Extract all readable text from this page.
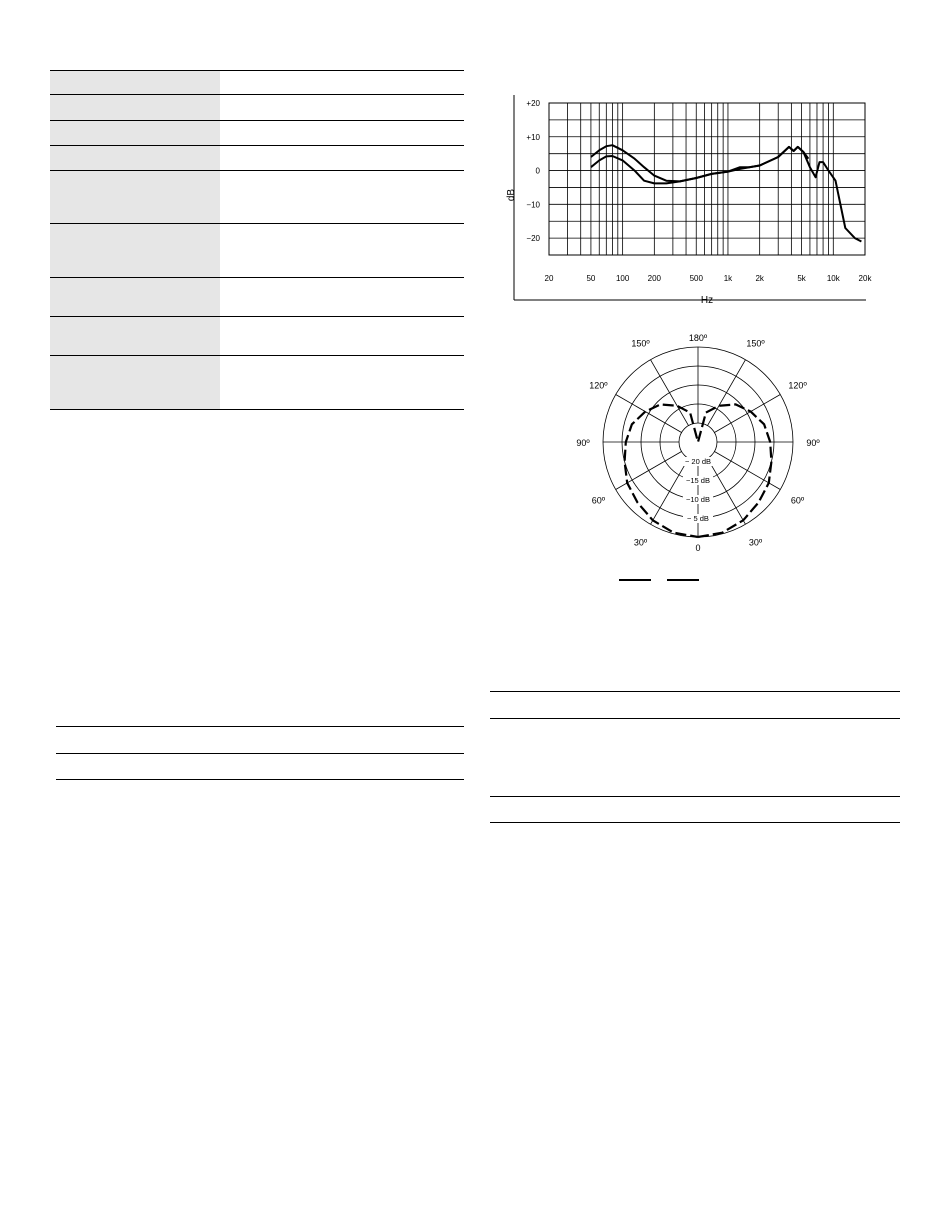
dB
Hz
20	50	100 200	500	1k	2k	5k	10k 20k
+20
+10
0
−10
−20
180º
150º
150º
120º
120º
90º
90º
60º
60º
30º
30º
0
− 20 dB
−15 dB
−10 dB
− 5 dB
